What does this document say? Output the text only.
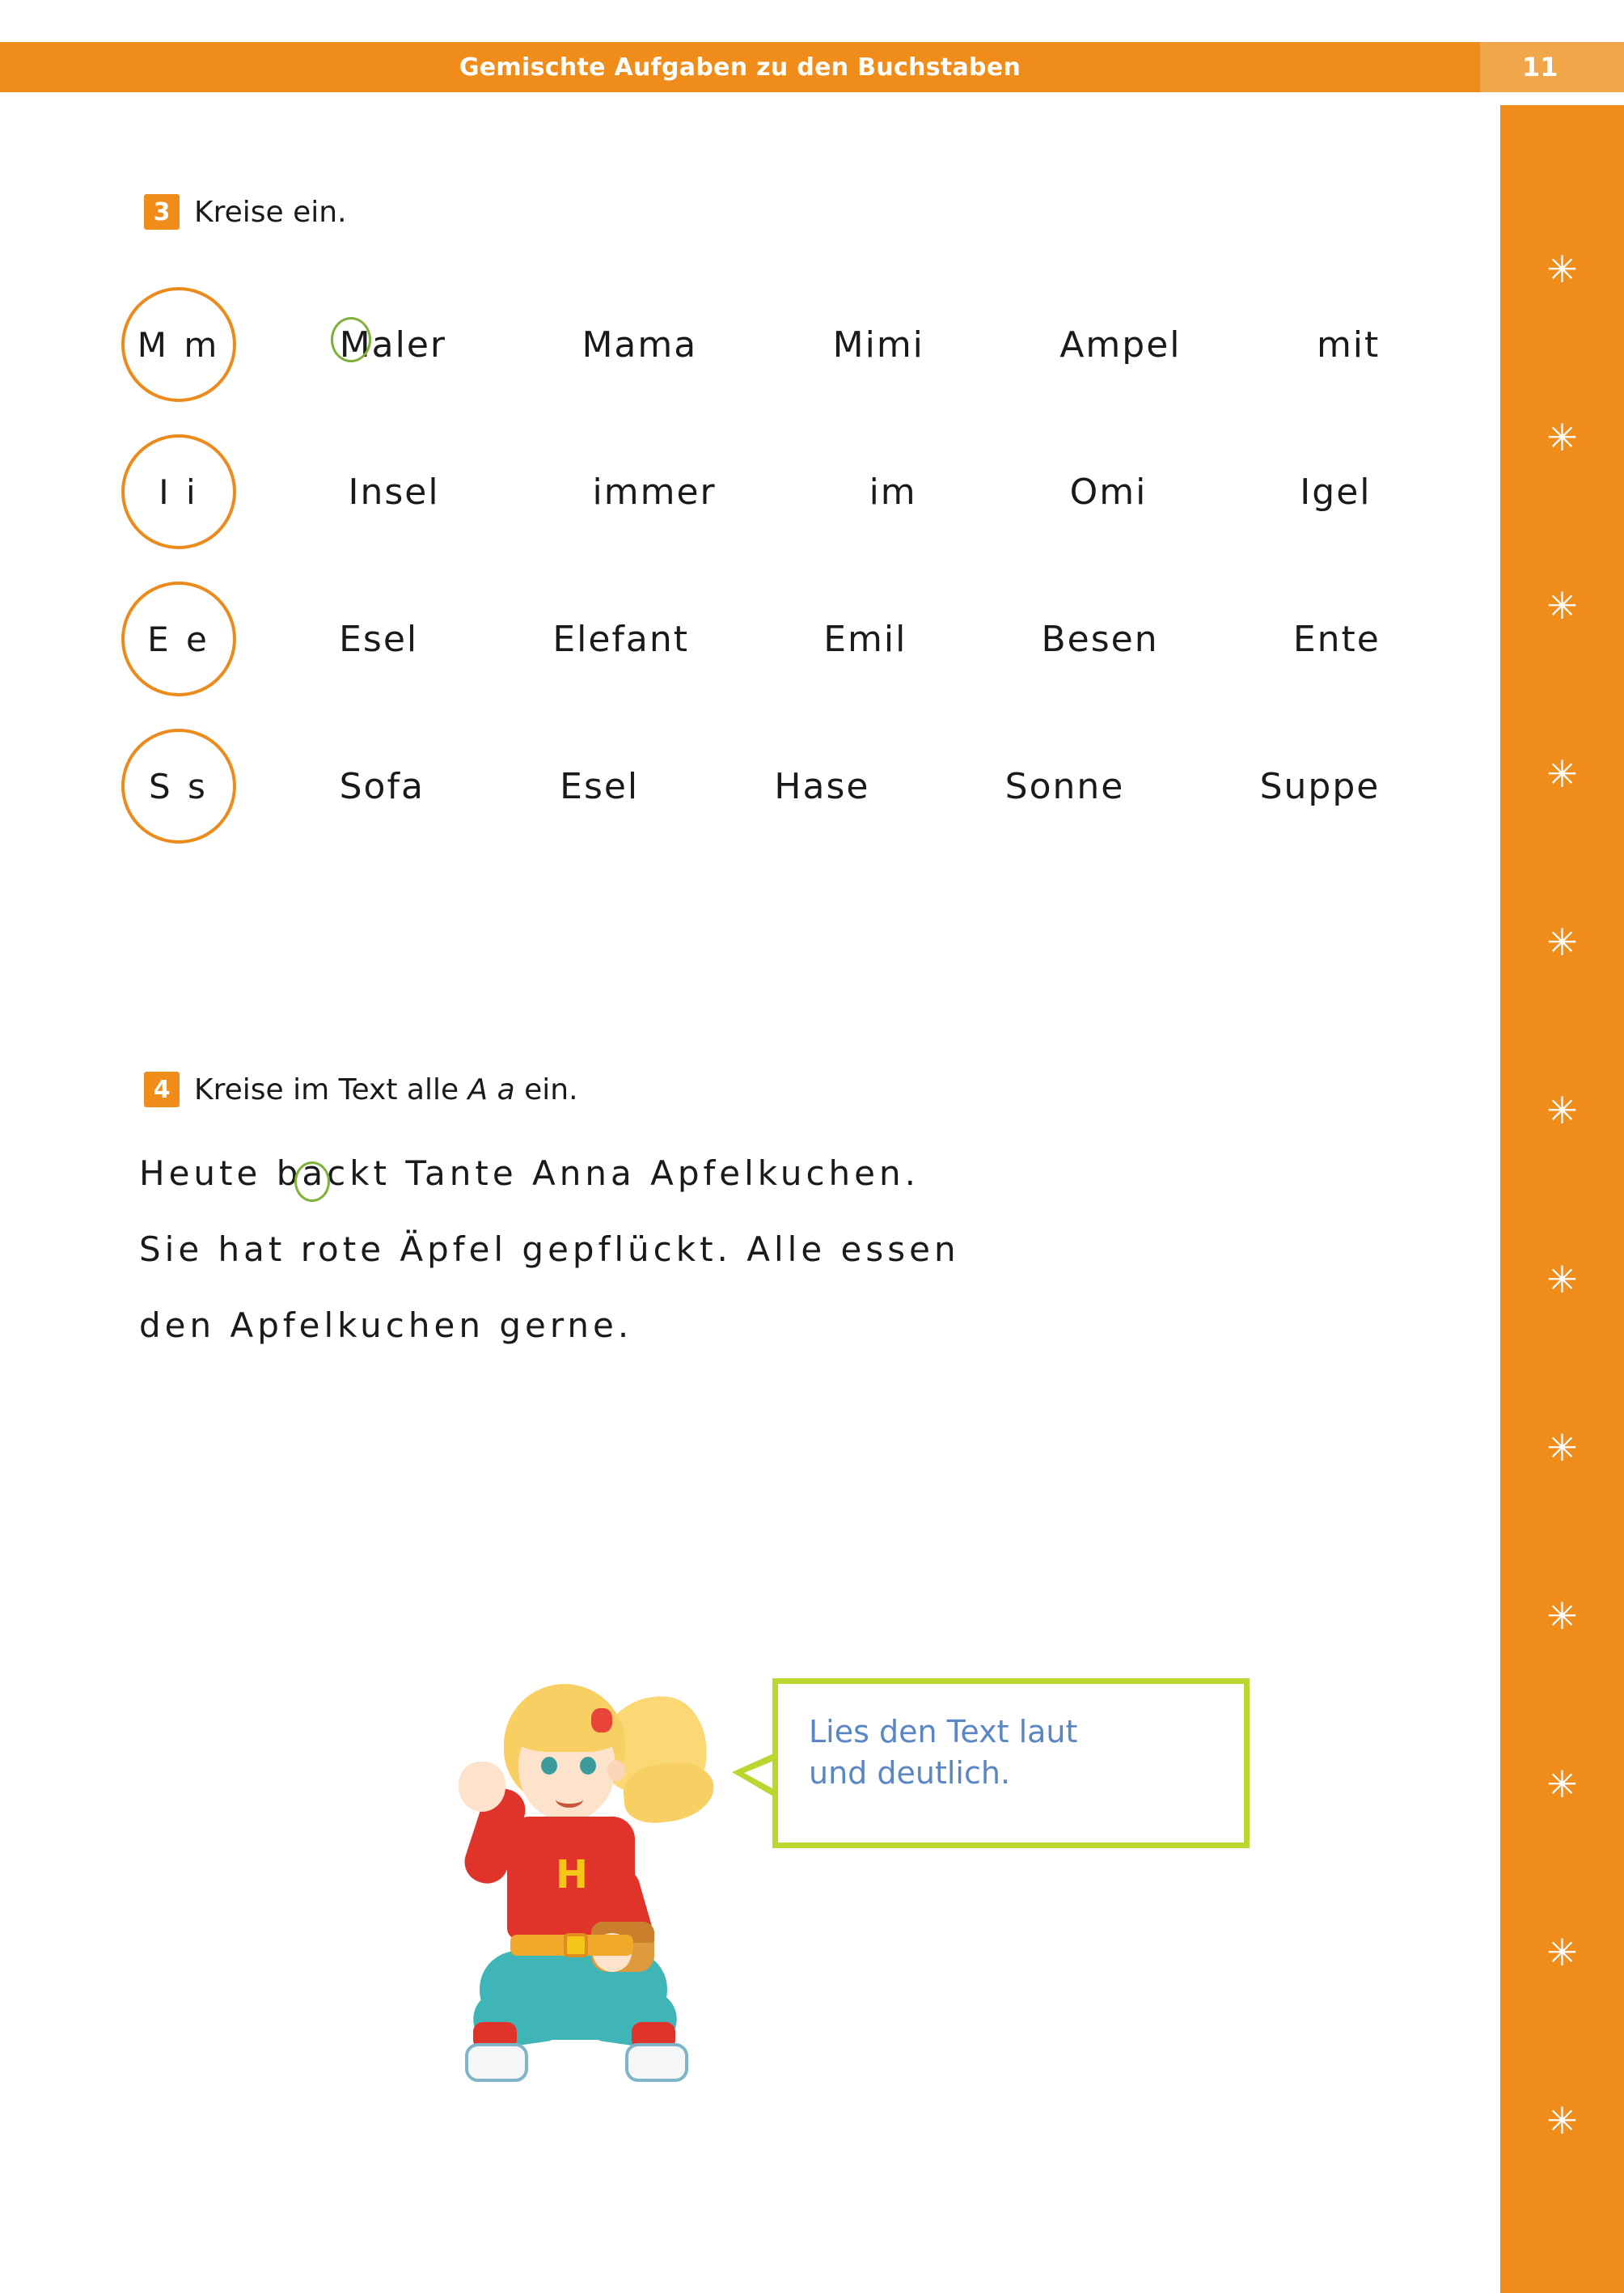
Gemischte Aufgaben zu den Buchstaben	11
✳
✳
✳
✳
✳
✳
✳
✳
✳
✳
✳
✳
3 Kreise ein.
M m	Maler	Mama	Mimi	Ampel	mit
I i	Insel	immer	im	Omi	Igel
E e	Esel	Elefant	Emil	Besen	Ente
S s	Sofa	Esel	Hase	Sonne	Suppe
4 Kreise im Text alle A a ein.
Heute backt Tante Anna Apfelkuchen.
Sie hat rote Äpfel gepflückt. Alle essen
den Apfelkuchen gerne.
Lies den Text laut
und deutlich.
H
